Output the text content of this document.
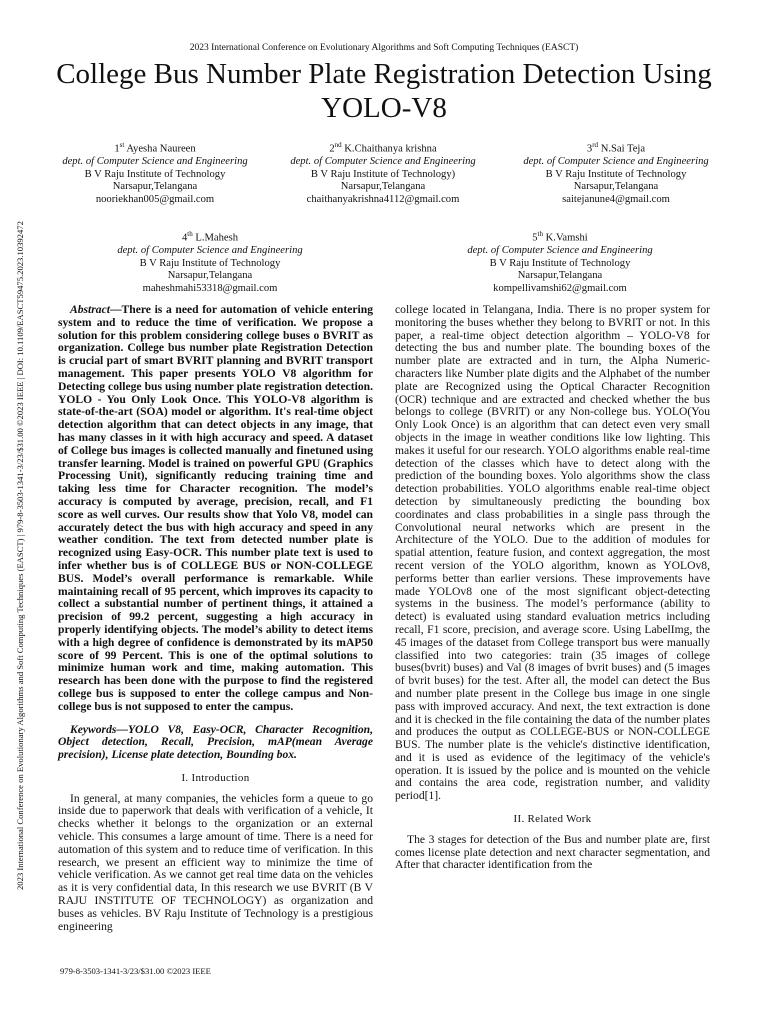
2023 International Conference on Evolutionary Algorithms and Soft Computing Techniques (EASCT)
College Bus Number Plate Registration Detection Using YOLO-V8
1st Ayesha Naureen
dept. of Computer Science and Engineering
B V Raju Institute of Technology
Narsapur,Telangana
nooriekhan005@gmail.com
2nd K.Chaithanya krishna
dept. of Computer Science and Engineering
B V Raju Institute of Technology)
Narsapur,Telangana
chaithanyakrishna4112@gmail.com
3rd N.Sai Teja
dept. of Computer Science and Engineering
B V Raju Institute of Technology
Narsapur,Telangana
saitejanune4@gmail.com
4th L.Mahesh
dept. of Computer Science and Engineering
B V Raju Institute of Technology
Narsapur,Telangana
maheshmahi53318@gmail.com
5th K.Vamshi
dept. of Computer Science and Engineering
B V Raju Institute of Technology
Narsapur,Telangana
kompellivamshi62@gmail.com
2023 International Conference on Evolutionary Algorithms and Soft Computing Techniques (EASCT) | 979-8-3503-1341-3/23/$31.00 ©2023 IEEE | DOI: 10.1109/EASCT59475.2023.10392472	Abstract—There is a need for automation of vehicle entering system and to reduce the time of verification. We propose a solution for this problem considering college buses o BVRIT as organization. College bus number plate Registration Detection is crucial part of smart BVRIT planning and BVRIT transport management. This paper presents YOLO V8 algorithm for Detecting college bus using number plate registration detection. YOLO - You Only Look Once. This YOLO-V8 algorithm is state-of-the-art (SOA) model or algorithm. It's real-time object detection algorithm that can detect objects in any image, that has many classes in it with high accuracy and speed. A dataset of College bus images is collected manually and finetuned using transfer learning. Model is trained on powerful GPU (Graphics Processing Unit), significantly reducing training time and taking less time for Character recognition. The model’s accuracy is computed by average, precision, recall, and F1 score as well curves. Our results show that Yolo V8, model can accurately detect the bus with high accuracy and speed in any weather condition. The text from detected number plate is recognized using Easy-OCR. This number plate text is used to infer whether bus is of COLLEGE BUS or NON-COLLEGE BUS. Model’s overall performance is remarkable. While maintaining recall of 95 percent, which improves its capacity to collect a substantial number of pertinent things, it attained a precision of 99.2 percent, suggesting a high accuracy in properly identifying objects. The model’s ability to detect items with a high degree of confidence is demonstrated by its mAP50 score of 99 Percent. This is one of the optimal solutions to minimize human work and time, making automation. This research has been done with the purpose to find the registered college bus is supposed to enter the college campus and Non-college bus is not supposed to enter the campus.

Keywords—YOLO V8, Easy-OCR, Character Recognition, Object detection, Recall, Precision, mAP(mean Average precision), License plate detection, Bounding box.

I. Introduction

In general, at many companies, the vehicles form a queue to go inside due to paperwork that deals with verification of a vehicle, It checks whether it belongs to the organization or an external vehicle. This consumes a large amount of time. There is a need for automation of this system and to reduce time of verification. In this research, we present an efficient way to minimize the time of vehicle verification. As we cannot get real time data on the vehicles as it is very confidential data, In this research we use BVRIT (B V RAJU INSTITUTE OF TECHNOLOGY) as organization and buses as vehicles. BV Raju Institute of Technology is a prestigious engineering

college located in Telangana, India. There is no proper system for monitoring the buses whether they belong to BVRIT or not. In this paper, a real-time object detection algorithm – YOLO-V8 for detecting the bus and number plate. The bounding boxes of the number plate are extracted and in turn, the Alpha Numeric-characters like Number plate digits and the Alphabet of the number plate are Recognized using the Optical Character Recognition (OCR) technique and are extracted and checked whether the bus belongs to college (BVRIT) or any Non-college bus. YOLO(You Only Look Once) is an algorithm that can detect even very small objects in the image in weather conditions like low lighting. This makes it useful for our research. YOLO algorithms enable real-time detection of the classes which have to detect along with the prediction of the bounding boxes. Yolo algorithms show the class detection probabilities. YOLO algorithms enable real-time object detection by simultaneously predicting the bounding box coordinates and class probabilities in a single pass through the Convolutional neural networks which are present in the Architecture of the YOLO. Due to the addition of modules for spatial attention, feature fusion, and context aggregation, the most recent version of the YOLO algorithm, known as YOLOv8, performs better than earlier versions. These improvements have made YOLOv8 one of the most significant object-detecting systems in the business. The model’s performance (ability to detect) is evaluated using standard evaluation metrics including recall, F1 score, precision, and average score. Using LabelImg, the 45 images of the dataset from College transport bus were manually classified into two categories: train (35 images of college buses(bvrit) buses) and Val (8 images of bvrit buses) and (5 images of bvrit buses) for the test. After all, the model can detect the Bus and number plate present in the College bus image in one single pass with improved accuracy. And next, the text extraction is done and it is checked in the file containing the data of the number plates and produces the output as COLLEGE-BUS or NON-COLLEGE BUS. The number plate is the vehicle's distinctive identification, and it is used as evidence of the legitimacy of the vehicle's operation. It is issued by the police and is mounted on the vehicle and contains the area code, registration number, and validity period[1].

II. Related Work

The 3 stages for detection of the Bus and number plate are, first comes license plate detection and next character segmentation, and After that character identification from the

979-8-3503-1341-3/23/$31.00 ©2023 IEEE
